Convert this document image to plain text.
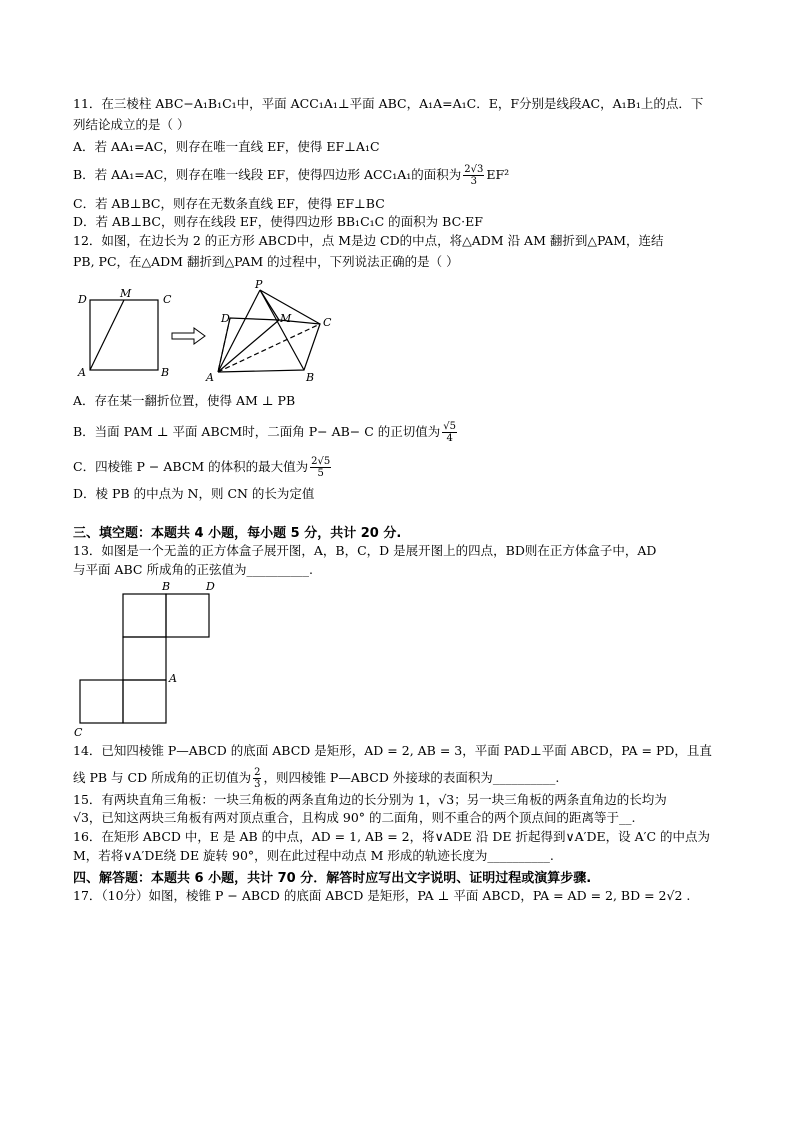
11．在三棱柱 ABC−A₁B₁C₁中，平面 ACC₁A₁⊥平面 ABC，A₁A=A₁C．E，F分别是线段AC，A₁B₁上的点．下
列结论成立的是（ ）
A．若 AA₁=AC，则存在唯一直线 EF，使得 EF⊥A₁C
B．若 AA₁=AC，则存在唯一线段 EF，使得四边形 ACC₁A₁的面积为 $\frac{2√3}{3} EF^2$
C．若 AB⊥BC，则存在无数条直线 EF，使得 EF⊥BC
D．若 AB⊥BC，则存在线段 EF，使得四边形 BB₁C₁C 的面积为 BC·EF
12．如图，在边长为 2 的正方形 ABCD中，点 M是边 CD的中点，将△ADM 沿 AM 翻折到△PAM，连结
PB, PC，在△ADM 翻折到△PAM 的过程中，下列说法正确的是（ ）
D	M	C
A	B
P
D	M	C
A	B
A．存在某一翻折位置，使得 AM ⊥ PB
B．当面 PAM ⊥ 平面 ABCM时，二面角 P− AB− C 的正切值为 $\frac{√5}{4}$
C．四棱锥 P − ABCM 的体积的最大值为 $\frac{2√5}{5}$
D．棱 PB 的中点为 N，则 CN 的长为定值
三、填空题：本题共 4 小题，每小题 5 分，共计 20 分.
13．如图是一个无盖的正方体盒子展开图，A，B，C，D 是展开图上的四点，BD则在正方体盒子中，AD
与平面 ABC 所成角的正弦值为__________.
B	D
A
C
14．已知四棱锥 P—ABCD 的底面 ABCD 是矩形，AD = 2, AB = 3，平面 PAD⊥平面 ABCD，PA = PD，且直
线 PB 与 CD 所成角的正切值为 $\frac{2}{3}$ ，则四棱锥 P—ABCD 外接球的表面积为__________.
15．有两块直角三角板：一块三角板的两条直角边的长分别为 1，√3；另一块三角板的两条直角边的长均为
√3，已知这两块三角板有两对顶点重合，且构成 90° 的二面角，则不重合的两个顶点间的距离等于__.
16．在矩形 ABCD 中，E 是 AB 的中点，AD = 1, AB = 2，将∨ADE 沿 DE 折起得到∨A′DE，设 A′C 的中点为
M，若将∨A′DE绕 DE 旋转 90°，则在此过程中动点 M 形成的轨迹长度为__________.
四、解答题：本题共 6 小题，共计 70 分．解答时应写出文字说明、证明过程或演算步骤.
17．（10分）如图，棱锥 P − ABCD 的底面 ABCD 是矩形，PA ⊥ 平面 ABCD，PA = AD = 2, BD = 2√2 .
